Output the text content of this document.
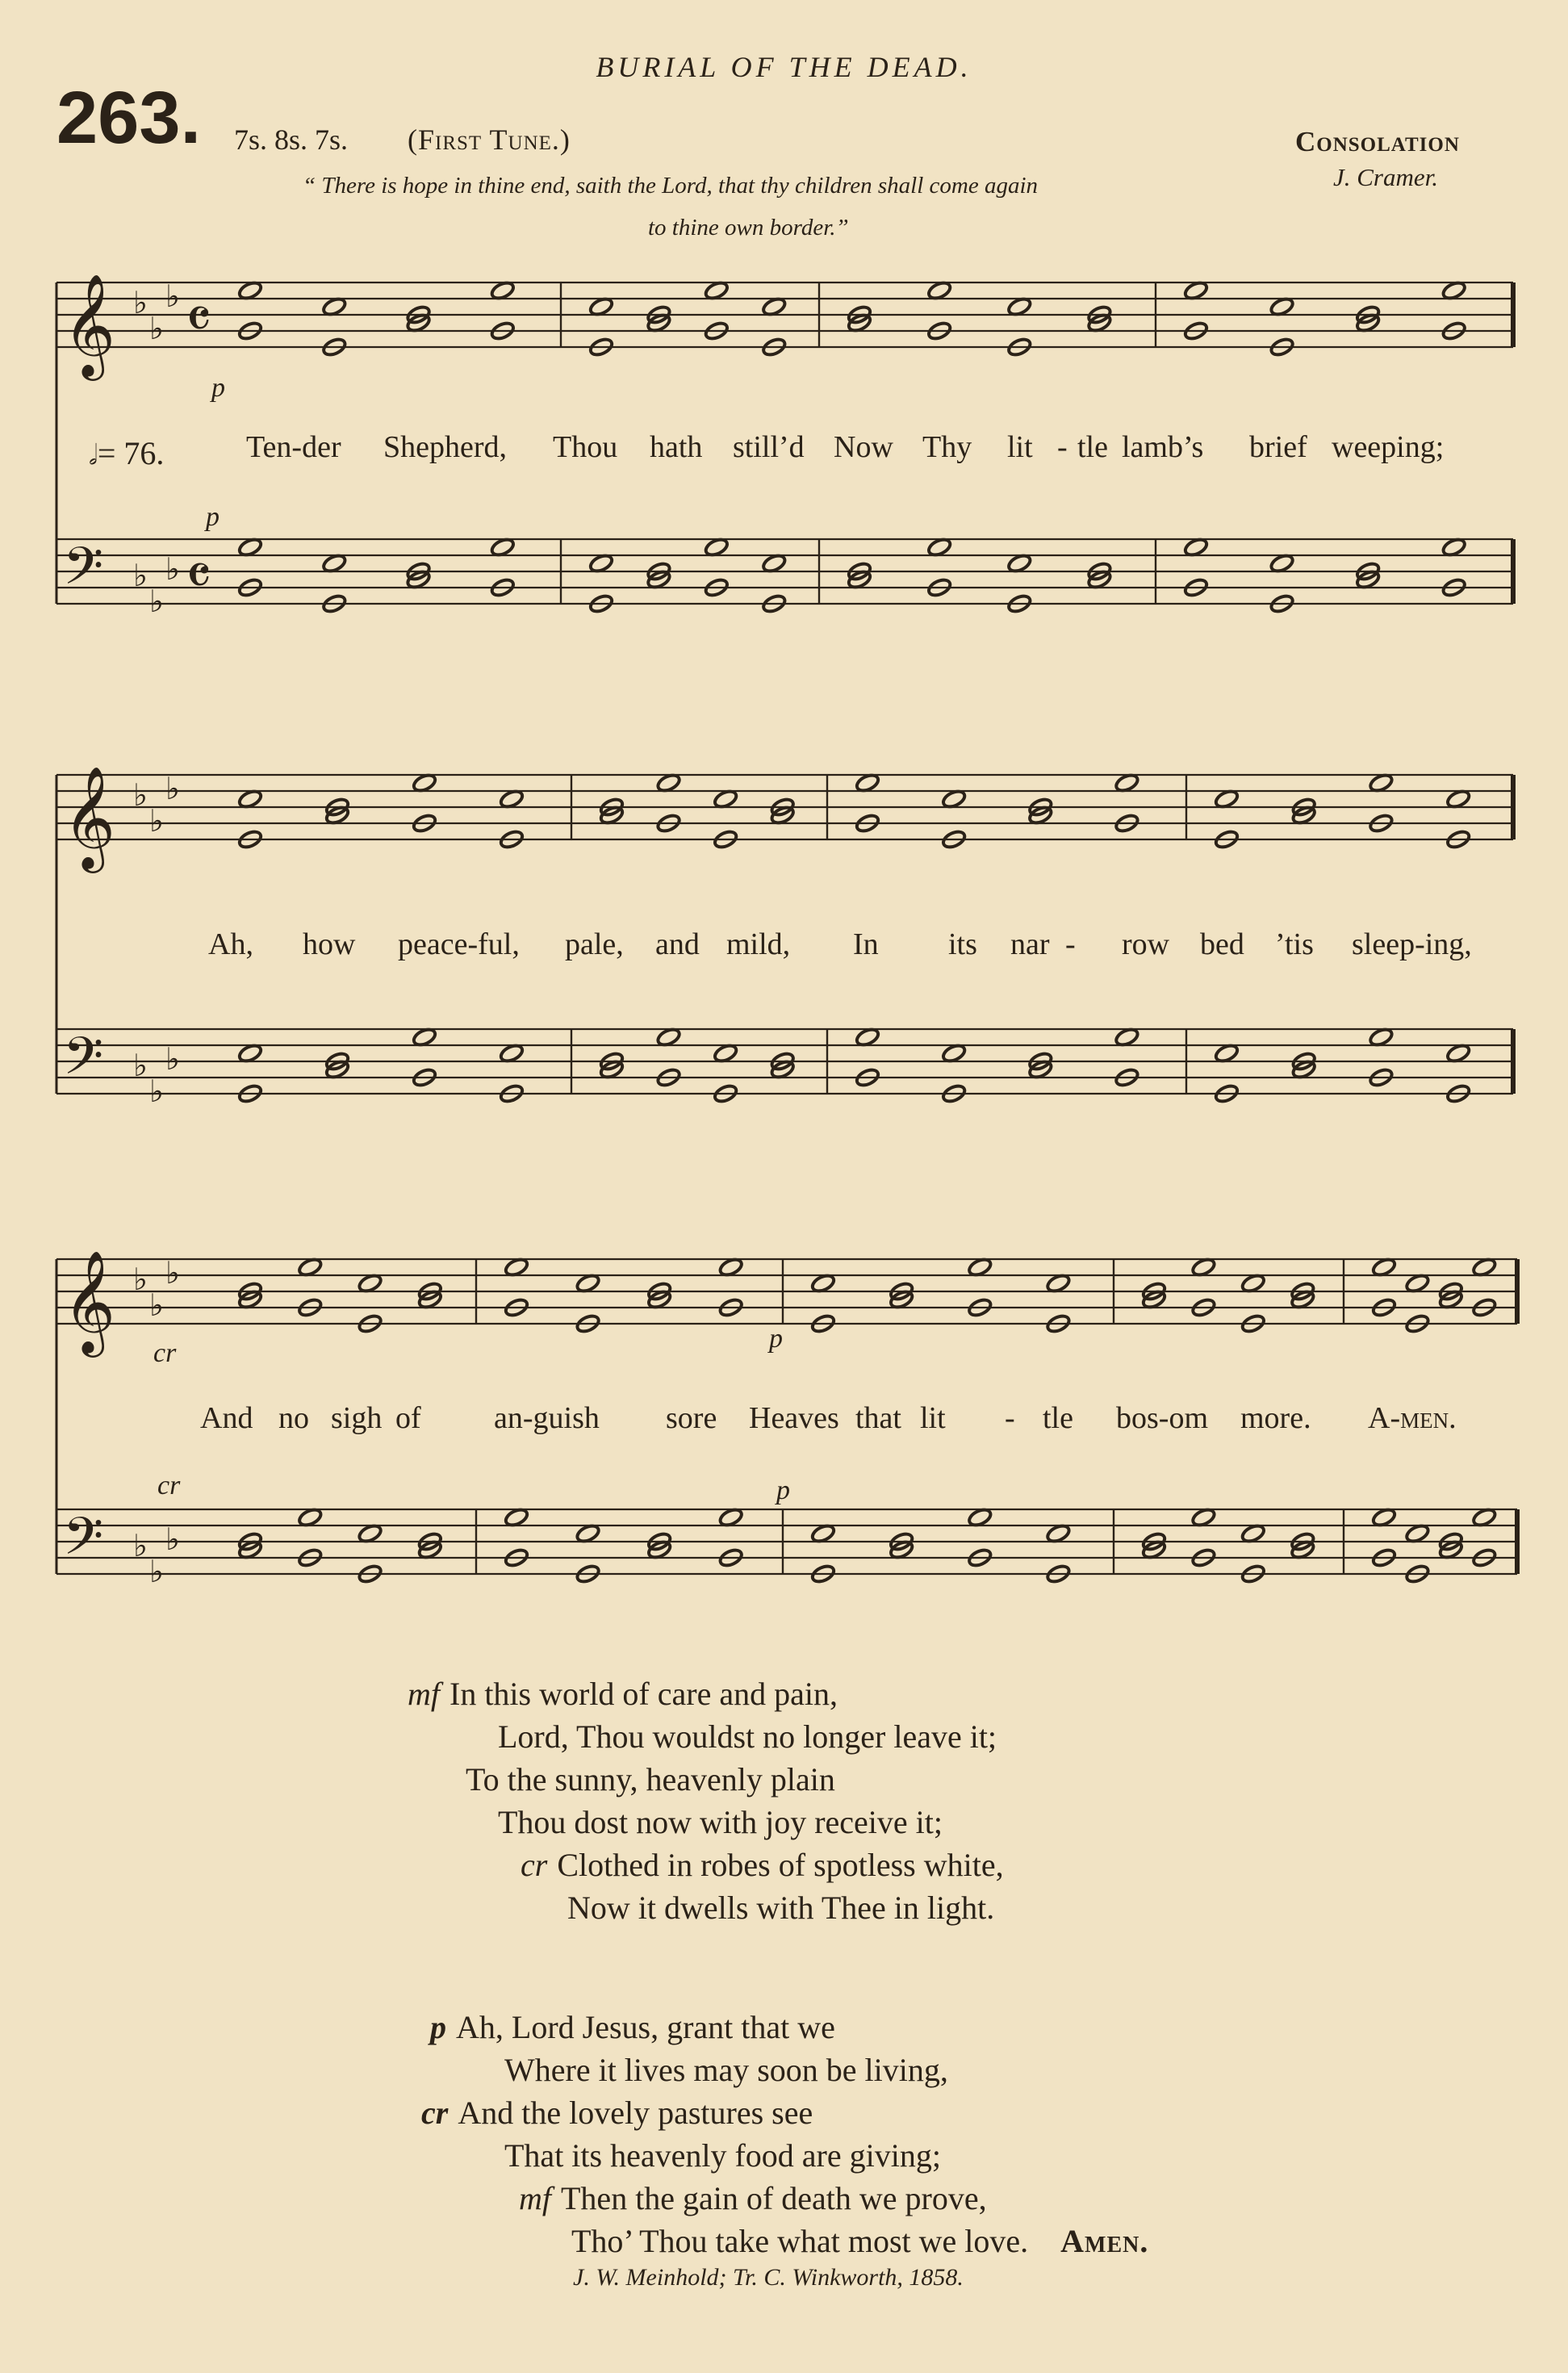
BURIAL OF THE DEAD.
263. 7s. 8s. 7s. (First Tune.)	Consolation
J. Cramer.
“ There is hope in thine end, saith the Lord, that thy children shall come again
to thine own border.”
𝄞 ♭
♭
♭ 𝄴
𝄢 ♭
♭
♭ 𝄴
𝄞 ♭
♭
♭
𝄢 ♭
♭
♭
𝄞 ♭
♭
♭
𝄢 ♭
♭
♭
𝅗𝅥= 76.
p
p
cr	p
cr	p
Ten-der Shepherd, Thou hath still’d Now Thy lit - tle lamb’s brief weeping;
Ah, how peace-ful, pale, and mild, In its nar - row bed ’tis sleep-ing,
And no sigh of an-guish sore Heaves that lit - tle bos-om more. A-men.
mf In this world of care and pain,
Lord, Thou wouldst no longer leave it;
To the sunny, heavenly plain
Thou dost now with joy receive it;
cr Clothed in robes of spotless white,
Now it dwells with Thee in light.
p Ah, Lord Jesus, grant that we
Where it lives may soon be living,
cr And the lovely pastures see
That its heavenly food are giving;
mf Then the gain of death we prove,
Tho’ Thou take what most we love. Amen.
J. W. Meinhold; Tr. C. Winkworth, 1858.
